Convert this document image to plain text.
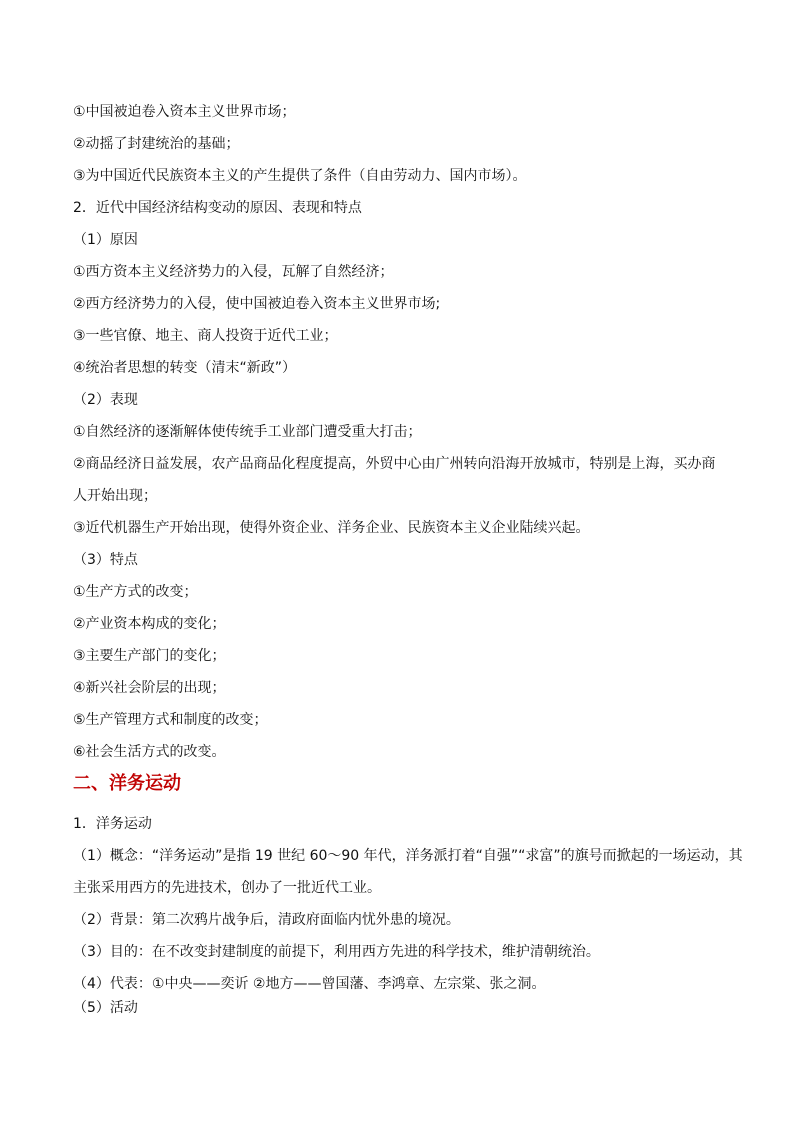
①中国被迫卷入资本主义世界市场；
②动摇了封建统治的基础；
③为中国近代民族资本主义的产生提供了条件（自由劳动力、国内市场）。
2．近代中国经济结构变动的原因、表现和特点
（1）原因
①西方资本主义经济势力的入侵，瓦解了自然经济；
②西方经济势力的入侵，使中国被迫卷入资本主义世界市场;
③一些官僚、地主、商人投资于近代工业；
④统治者思想的转变（清末“新政”）
（2）表现
①自然经济的逐渐解体使传统手工业部门遭受重大打击；
②商品经济日益发展，农产品商品化程度提高，外贸中心由广州转向沿海开放城市，特别是上海，买办商
人开始出现；
③近代机器生产开始出现，使得外资企业、洋务企业、民族资本主义企业陆续兴起。
（3）特点
①生产方式的改变；
②产业资本构成的变化；
③主要生产部门的变化；
④新兴社会阶层的出现；
⑤生产管理方式和制度的改变；
⑥社会生活方式的改变。
二、洋务运动
1．洋务运动
（1）概念：“洋务运动”是指 19 世纪 60～90 年代，洋务派打着“自强”“求富”的旗号而掀起的一场运动，其
主张采用西方的先进技术，创办了一批近代工业。
（2）背景：第二次鸦片战争后，清政府面临内忧外患的境况。
（3）目的：在不改变封建制度的前提下，利用西方先进的科学技术，维护清朝统治。
（4）代表：①中央——奕䜣 ②地方——曾国藩、李鸿章、左宗棠、张之洞。
（5）活动
